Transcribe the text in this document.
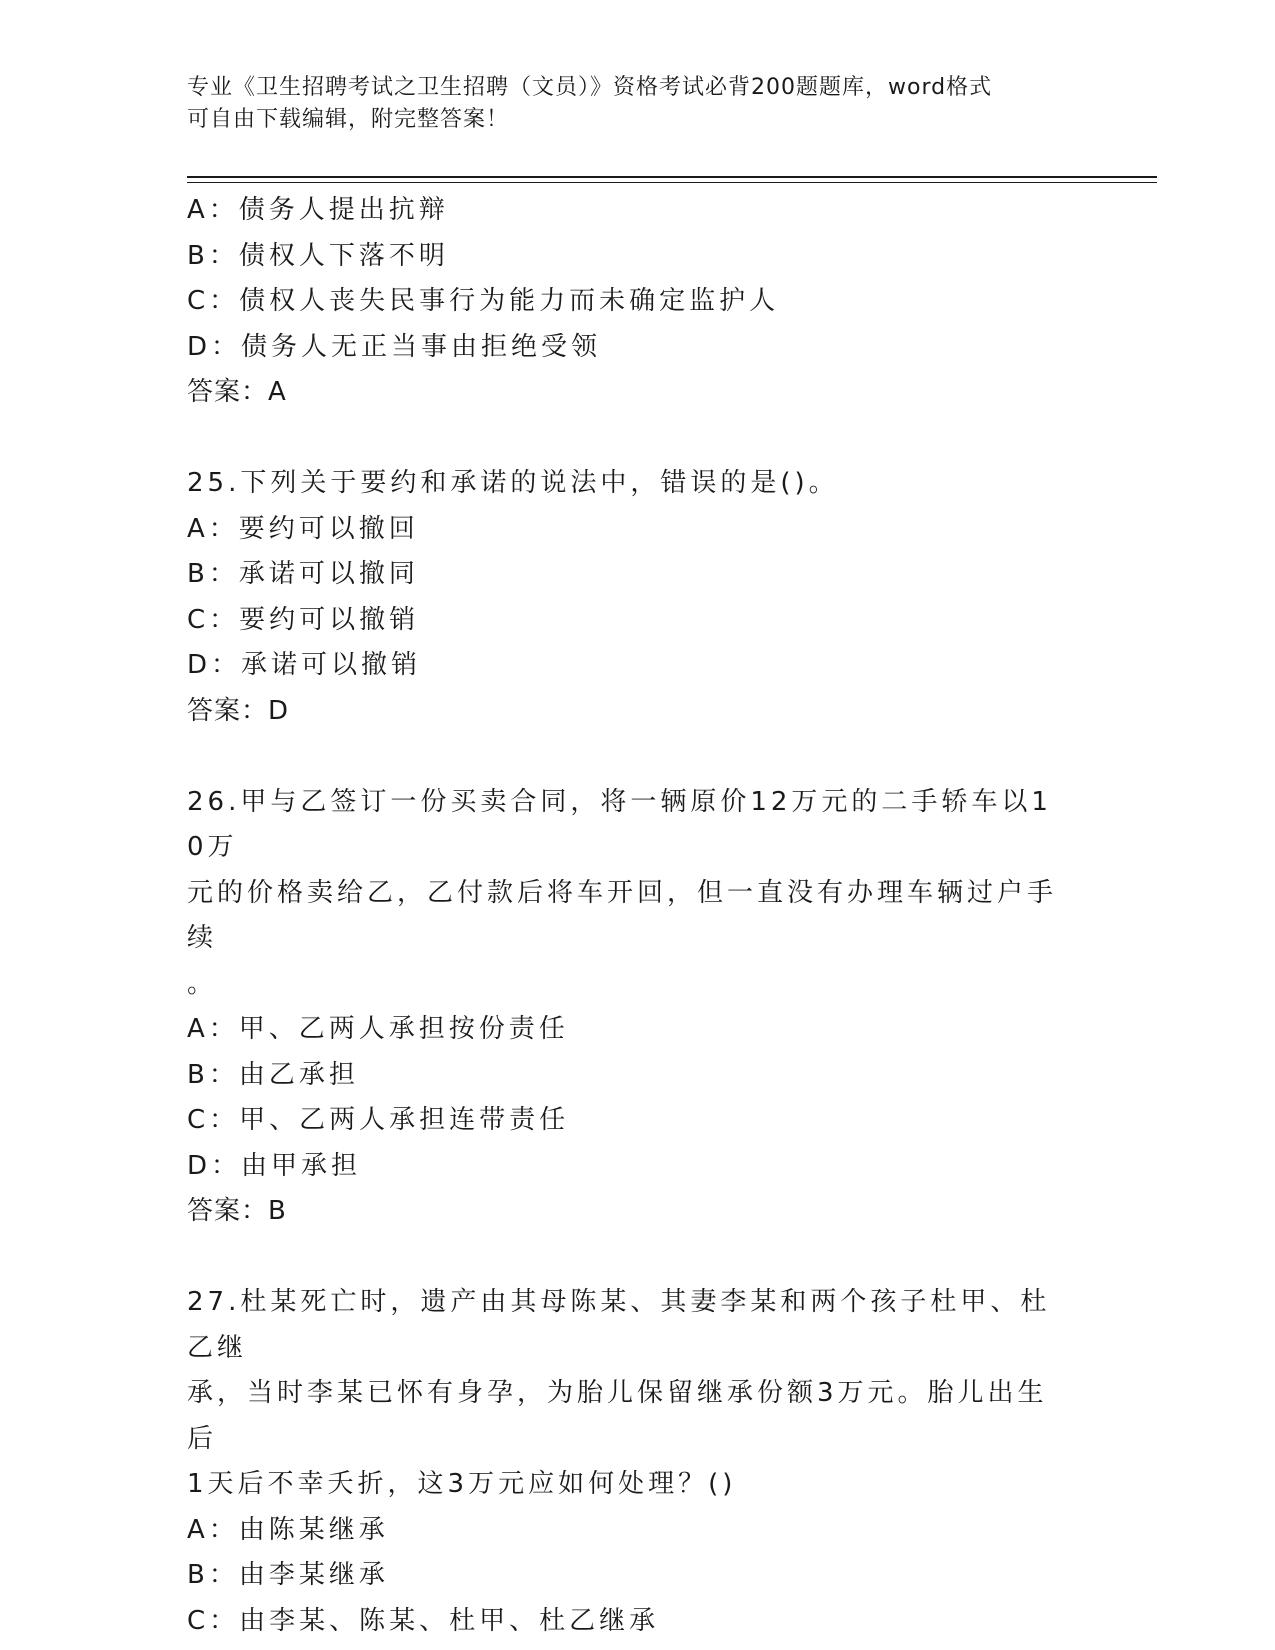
专业《卫生招聘考试之卫生招聘（文员）》资格考试必背200题题库，word格式
可自由下载编辑，附完整答案！

A：债务人提出抗辩

B：债权人下落不明

C：债权人丧失民事行为能力而未确定监护人

D：债务人无正当事由拒绝受领

答案：A

25.下列关于要约和承诺的说法中，错误的是()。

A：要约可以撤回

B：承诺可以撤同

C：要约可以撤销

D：承诺可以撤销

答案：D

26.甲与乙签订一份买卖合同，将一辆原价12万元的二手轿车以10万

元的价格卖给乙，乙付款后将车开回，但一直没有办理车辆过户手续

。

A：甲、乙两人承担按份责任

B：由乙承担

C：甲、乙两人承担连带责任

D：由甲承担

答案：B

27.杜某死亡时，遗产由其母陈某、其妻李某和两个孩子杜甲、杜乙继

承，当时李某已怀有身孕，为胎儿保留继承份额3万元。胎儿出生后

1天后不幸夭折，这3万元应如何处理？()

A：由陈某继承

B：由李某继承

C：由李某、陈某、杜甲、杜乙继承
